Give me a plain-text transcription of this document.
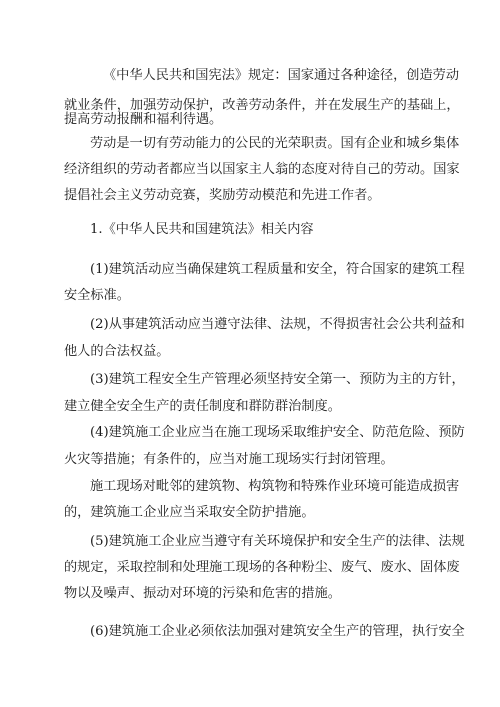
《中华人民共和国宪法》规定：国家通过各种途径，创造劳动
就业条件，加强劳动保护，改善劳动条件，并在发展生产的基础上，
提高劳动报酬和福利待遇。
劳动是一切有劳动能力的公民的光荣职责。国有企业和城乡集体
经济组织的劳动者都应当以国家主人翁的态度对待自己的劳动。国家
提倡社会主义劳动竞赛，奖励劳动模范和先进工作者。
1.《中华人民共和国建筑法》相关内容
(1)建筑活动应当确保建筑工程质量和安全，符合国家的建筑工程
安全标准。
(2)从事建筑活动应当遵守法律、法规，不得损害社会公共利益和
他人的合法权益。
(3)建筑工程安全生产管理必须坚持安全第一、预防为主的方针，
建立健全安全生产的责任制度和群防群治制度。
(4)建筑施工企业应当在施工现场采取维护安全、防范危险、预防
火灾等措施；有条件的，应当对施工现场实行封闭管理。
施工现场对毗邻的建筑物、构筑物和特殊作业环境可能造成损害
的，建筑施工企业应当采取安全防护措施。
(5)建筑施工企业应当遵守有关环境保护和安全生产的法律、法规
的规定，采取控制和处理施工现场的各种粉尘、废气、废水、固体废
物以及噪声、振动对环境的污染和危害的措施。
(6)建筑施工企业必须依法加强对建筑安全生产的管理，执行安全
